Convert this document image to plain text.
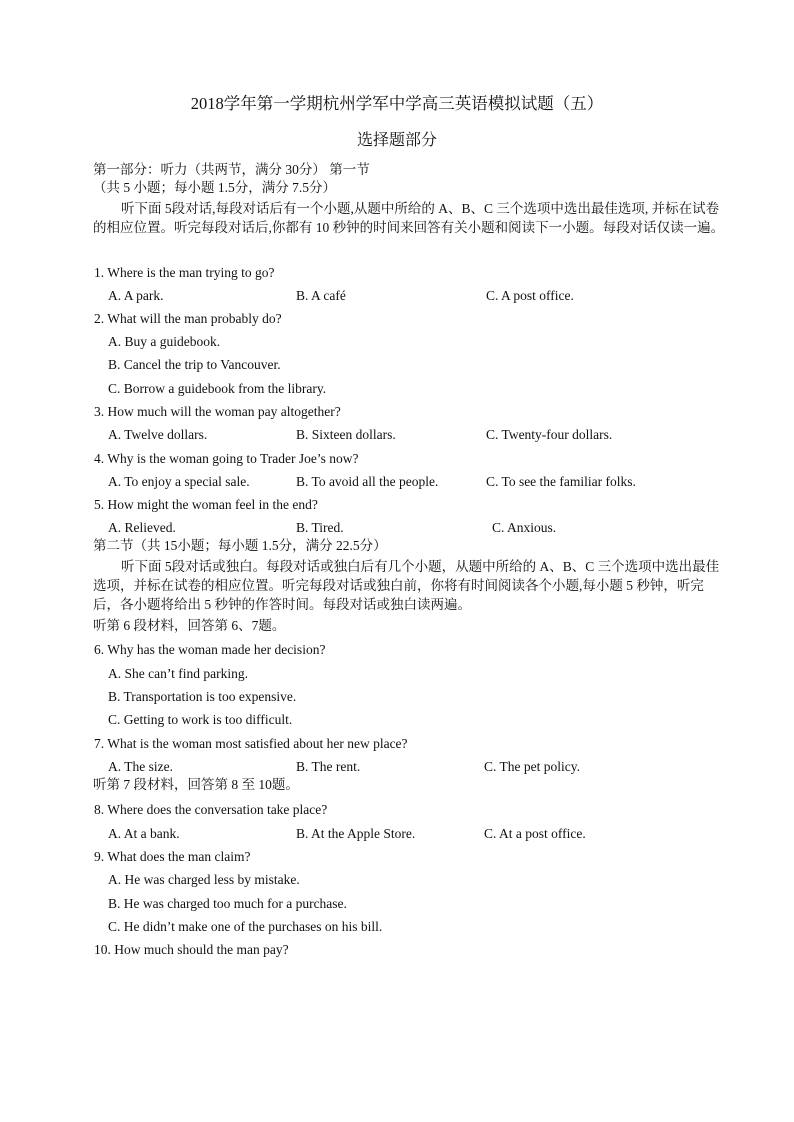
2018学年第一学期杭州学军中学高三英语模拟试题（五）
选择题部分
第一部分：听力（共两节，满分 30分） 第一节
（共 5 小题；每小题 1.5分，满分 7.5分）

听下面 5段对话,每段对话后有一个小题,从题中所给的 A、B、C 三个选项中选出最佳选项, 并标在试卷的相应位置。听完每段对话后,你都有 10 秒钟的时间来回答有关小题和阅读下一小题。每段对话仅读一遍。

1. Where is the man trying to go?
A. A park.	B. A café	C. A post office.
2. What will the man probably do?
A. Buy a guidebook.
B. Cancel the trip to Vancouver.
C. Borrow a guidebook from the library.
3. How much will the woman pay altogether?
A. Twelve dollars.	B. Sixteen dollars.	C. Twenty-four dollars.
4. Why is the woman going to Trader Joe’s now?
A. To enjoy a special sale.	B. To avoid all the people.	C. To see the familiar folks.
5. How might the woman feel in the end?
A. Relieved.	B. Tired.	C. Anxious.
第二节（共 15小题；每小题 1.5分，满分 22.5分）

听下面 5段对话或独白。每段对话或独白后有几个小题，从题中所给的 A、B、C 三个选项中选出最佳选项，并标在试卷的相应位置。听完每段对话或独白前，你将有时间阅读各个小题,每小题 5 秒钟，听完后，各小题将给出 5 秒钟的作答时间。每段对话或独白读两遍。

听第 6 段材料，回答第 6、7题。
6. Why has the woman made her decision?
A. She can’t find parking.
B. Transportation is too expensive.
C. Getting to work is too difficult.
7. What is the woman most satisfied about her new place?
A. The size.	B. The rent.	C. The pet policy.
听第 7 段材料，回答第 8 至 10题。
8. Where does the conversation take place?
A. At a bank.	B. At the Apple Store.	C. At a post office.
9. What does the man claim?
A. He was charged less by mistake.
B. He was charged too much for a purchase.
C. He didn’t make one of the purchases on his bill.
10. How much should the man pay?
